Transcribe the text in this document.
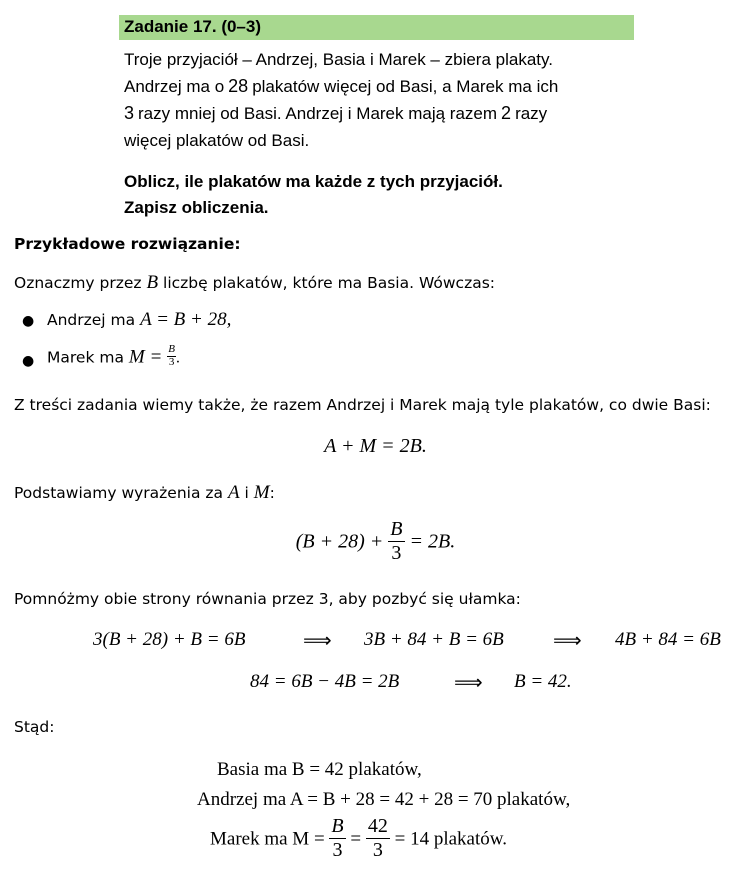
Zadanie 17. (0–3)

Troje przyjaciół – Andrzej, Basia i Marek – zbiera plakaty.

Andrzej ma o 28 plakatów więcej od Basi, a Marek ma ich

3 razy mniej od Basi. Andrzej i Marek mają razem 2 razy

więcej plakatów od Basi.

Oblicz, ile plakatów ma każde z tych przyjaciół.

Zapisz obliczenia.

Przykładowe rozwiązanie:
Oznaczmy przez B liczbę plakatów, które ma Basia. Wówczas:
● Andrzej ma A = B + 28,
● Marek ma $M = \frac{B}{3}$ .
Z treści zadania wiemy także, że razem Andrzej i Marek mają tyle plakatów, co dwie Basi:
A + M = 2B.
Podstawiamy wyrażenia za A i M:
$(B + 28) + \frac{B}{3} = 2B$.
Pomnóżmy obie strony równania przez 3, aby pozbyć się ułamka:
3(B + 28) + B = 6B	⟹ 3B + 84 + B = 6B ⟹ 4B + 84 = 6B
84 = 6B − 4B = 2B	⟹ B = 42.
Stąd:
Basia ma B = 42 plakatów,
Andrzej ma A = B + 28 = 42 + 28 = 70 plakatów,
Marek ma $M = \frac{B}{3} = \frac{42}{3} = 14$ plakatów.
